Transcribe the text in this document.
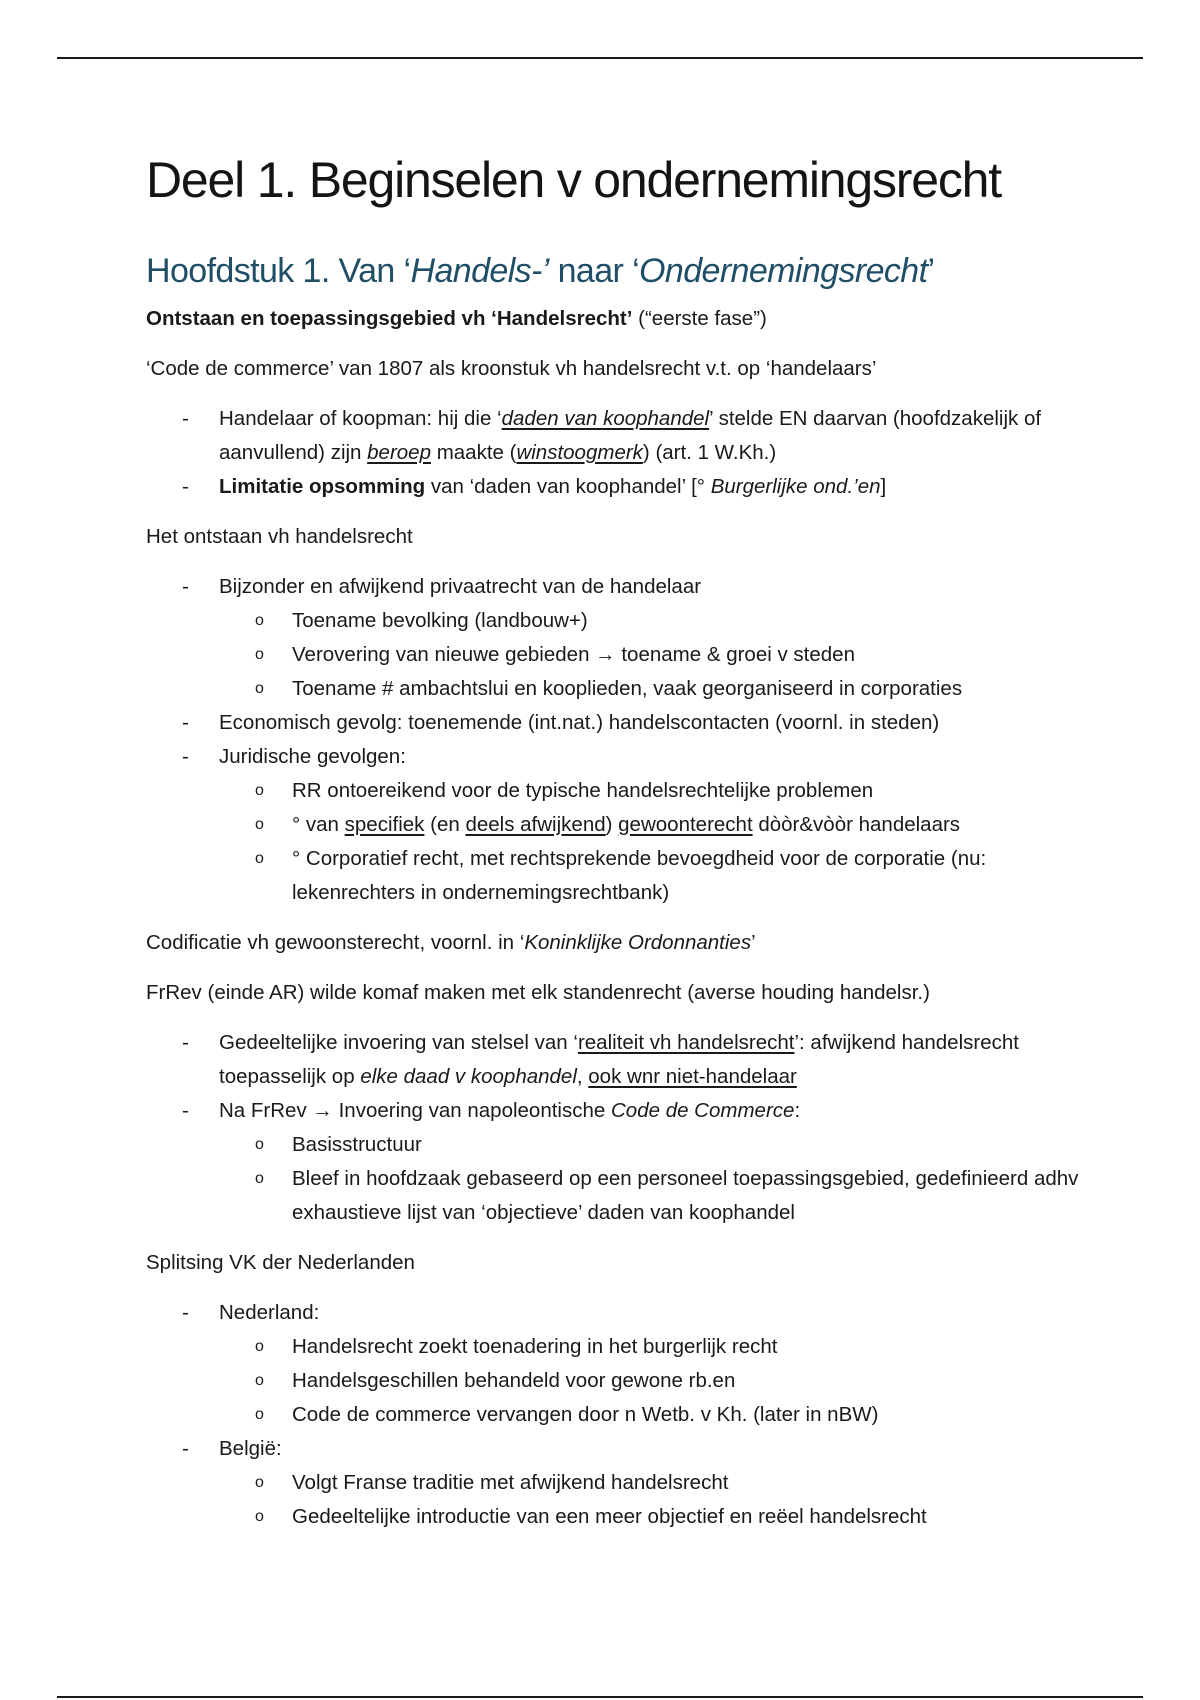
Deel 1. Beginselen v ondernemingsrecht
Hoofdstuk 1. Van ‘Handels-’ naar ‘Ondernemingsrecht’

Ontstaan en toepassingsgebied vh ‘Handelsrecht’ (“eerste fase”)

‘Code de commerce’ van 1807 als kroonstuk vh handelsrecht v.t. op ‘handelaars’

- Handelaar of koopman: hij die ‘daden van koophandel’ stelde EN daarvan (hoofdzakelijk of aanvullend) zijn beroep maakte (winstoogmerk) (art. 1 W.Kh.)
- Limitatie opsomming van ‘daden van koophandel’ [° Burgerlijke ond.’en]

Het ontstaan vh handelsrecht

- Bijzonder en afwijkend privaatrecht van de handelaar
o Toename bevolking (landbouw+)
o Verovering van nieuwe gebieden → toename & groei v steden
o Toename # ambachtslui en kooplieden, vaak georganiseerd in corporaties
- Economisch gevolg: toenemende (int.nat.) handelscontacten (voornl. in steden)
- Juridische gevolgen:
o RR ontoereikend voor de typische handelsrechtelijke problemen
o ° van specifiek (en deels afwijkend) gewoonterecht dòòr&vòòr handelaars
o ° Corporatief recht, met rechtsprekende bevoegdheid voor de corporatie (nu: lekenrechters in ondernemingsrechtbank)

Codificatie vh gewoonsterecht, voornl. in ‘Koninklijke Ordonnanties’

FrRev (einde AR) wilde komaf maken met elk standenrecht (averse houding handelsr.)

- Gedeeltelijke invoering van stelsel van ‘realiteit vh handelsrecht’: afwijkend handelsrecht toepasselijk op elke daad v koophandel, ook wnr niet-handelaar
- Na FrRev → Invoering van napoleontische Code de Commerce:
o Basisstructuur
o Bleef in hoofdzaak gebaseerd op een personeel toepassingsgebied, gedefinieerd adhv exhaustieve lijst van ‘objectieve’ daden van koophandel

Splitsing VK der Nederlanden

- Nederland:
o Handelsrecht zoekt toenadering in het burgerlijk recht
o Handelsgeschillen behandeld voor gewone rb.en
o Code de commerce vervangen door n Wetb. v Kh. (later in nBW)
- België:
o Volgt Franse traditie met afwijkend handelsrecht
o Gedeeltelijke introductie van een meer objectief en reëel handelsrecht
